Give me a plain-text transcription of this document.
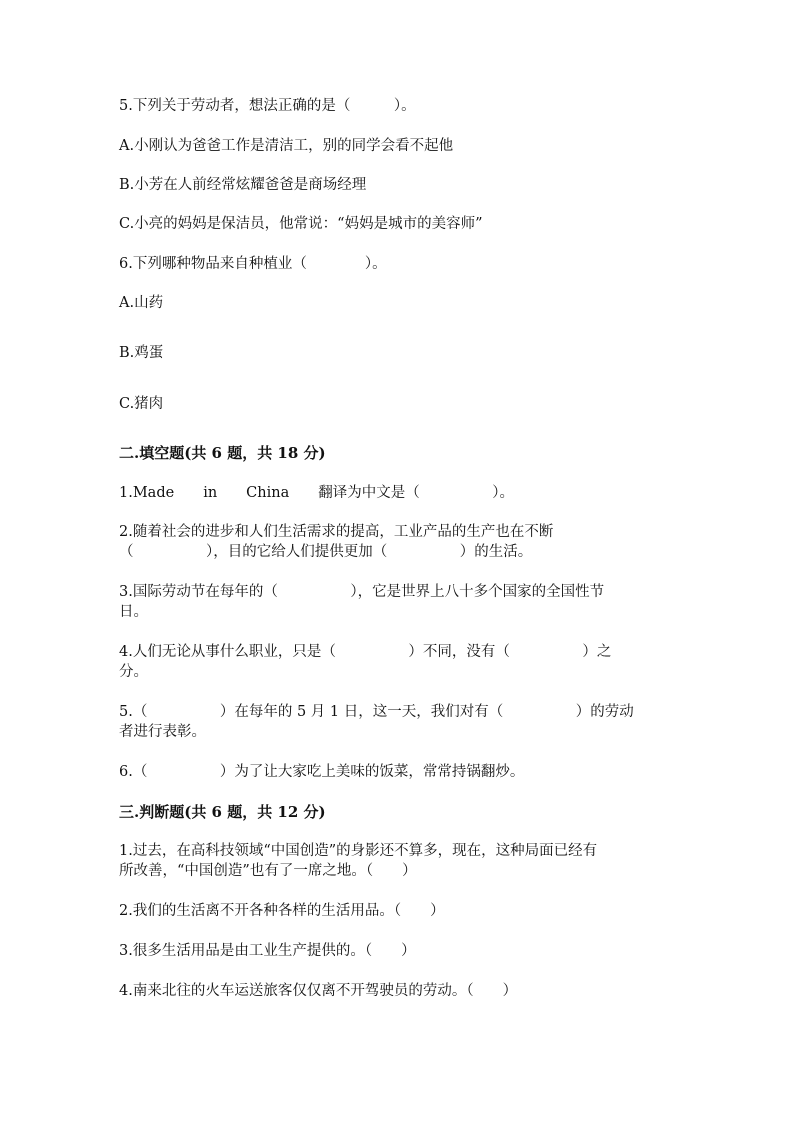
5.下列关于劳动者，想法正确的是（　　　）。
A.小刚认为爸爸工作是清洁工，别的同学会看不起他
B.小芳在人前经常炫耀爸爸是商场经理
C.小亮的妈妈是保洁员，他常说：“妈妈是城市的美容师”
6.下列哪种物品来自种植业（　　　　）。
A.山药
B.鸡蛋
C.猪肉
二.填空题(共 6 题，共 18 分)
1.Made　　in　　China　　翻译为中文是（　　　　　）。
2.随着社会的进步和人们生活需求的提高，工业产品的生产也在不断
（　　　　　），目的它给人们提供更加（　　　　　）的生活。
3.国际劳动节在每年的（　　　　　），它是世界上八十多个国家的全国性节
日。
4.人们无论从事什么职业，只是（　　　　　）不同，没有（　　　　　）之
分。
5.（　　　　　）在每年的 5 月 1 日，这一天，我们对有（　　　　　）的劳动
者进行表彰。
6.（　　　　　）为了让大家吃上美味的饭菜，常常持锅翻炒。
三.判断题(共 6 题，共 12 分)
1.过去，在高科技领域“中国创造”的身影还不算多，现在，这种局面已经有
所改善，“中国创造”也有了一席之地。（　　）
2.我们的生活离不开各种各样的生活用品。（　　）
3.很多生活用品是由工业生产提供的。（　　）
4.南来北往的火车运送旅客仅仅离不开驾驶员的劳动。（　　）
